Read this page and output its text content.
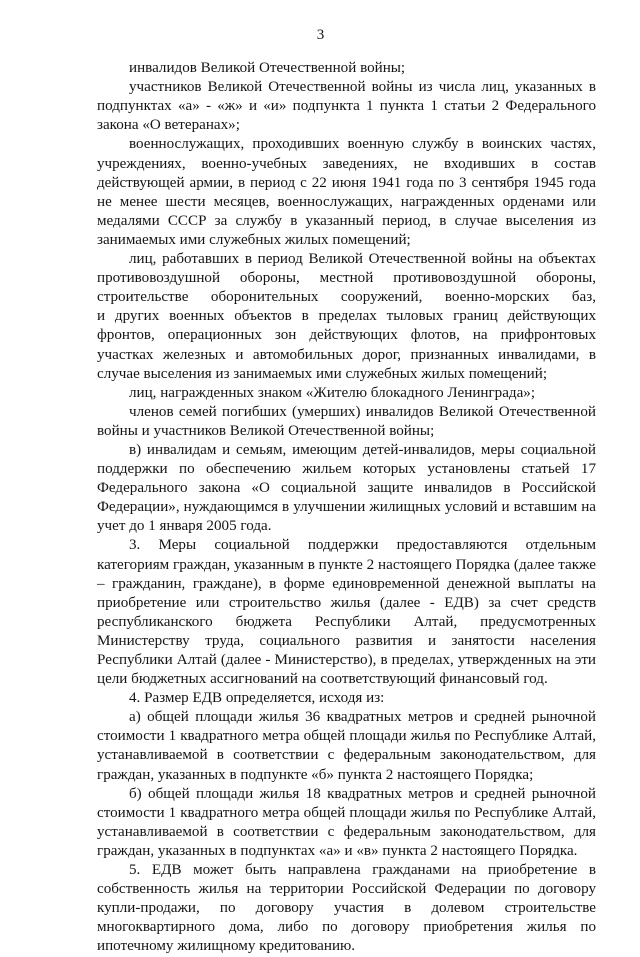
3
инвалидов Великой Отечественной войны;
участников Великой Отечественной войны из числа лиц, указанных в
подпунктах «а» - «ж» и «и» подпункта 1 пункта 1 статьи 2 Федерального
закона «О ветеранах»;
военнослужащих, проходивших военную службу в воинских частях,
учреждениях, военно-учебных заведениях, не входивших в состав
действующей армии, в период с 22 июня 1941 года по 3 сентября 1945 года
не менее шести месяцев, военнослужащих, награжденных орденами или
медалями СССР за службу в указанный период, в случае выселения из
занимаемых ими служебных жилых помещений;
лиц, работавших в период Великой Отечественной войны на объектах
противовоздушной обороны, местной противовоздушной обороны,
строительстве оборонительных сооружений, военно-морских баз,
и других военных объектов в пределах тыловых границ действующих
фронтов, операционных зон действующих флотов, на прифронтовых
участках железных и автомобильных дорог, признанных инвалидами, в
случае выселения из занимаемых ими служебных жилых помещений;
лиц, награжденных знаком «Жителю блокадного Ленинграда»;
членов семей погибших (умерших) инвалидов Великой Отечественной
войны и участников Великой Отечественной войны;
в) инвалидам и семьям, имеющим детей-инвалидов, меры социальной
поддержки по обеспечению жильем которых установлены статьей 17
Федерального закона «О социальной защите инвалидов в Российской
Федерации», нуждающимся в улучшении жилищных условий и вставшим на
учет до 1 января 2005 года.
3. Меры социальной поддержки предоставляются отдельным
категориям граждан, указанным в пункте 2 настоящего Порядка (далее также
– гражданин, граждане), в форме единовременной денежной выплаты на
приобретение или строительство жилья (далее - ЕДВ) за счет средств
республиканского бюджета Республики Алтай, предусмотренных
Министерству труда, социального развития и занятости населения
Республики Алтай (далее - Министерство), в пределах, утвержденных на эти
цели бюджетных ассигнований на соответствующий финансовый год.
4. Размер ЕДВ определяется, исходя из:
а) общей площади жилья 36 квадратных метров и средней рыночной
стоимости 1 квадратного метра общей площади жилья по Республике Алтай,
устанавливаемой в соответствии с федеральным законодательством, для
граждан, указанных в подпункте «б» пункта 2 настоящего Порядка;
б) общей площади жилья 18 квадратных метров и средней рыночной
стоимости 1 квадратного метра общей площади жилья по Республике Алтай,
устанавливаемой в соответствии с федеральным законодательством, для
граждан, указанных в подпунктах «а» и «в» пункта 2 настоящего Порядка.
5. ЕДВ может быть направлена гражданами на приобретение в
собственность жилья на территории Российской Федерации по договору
купли-продажи, по договору участия в долевом строительстве
многоквартирного дома, либо по договору приобретения жилья по
ипотечному жилищному кредитованию.
